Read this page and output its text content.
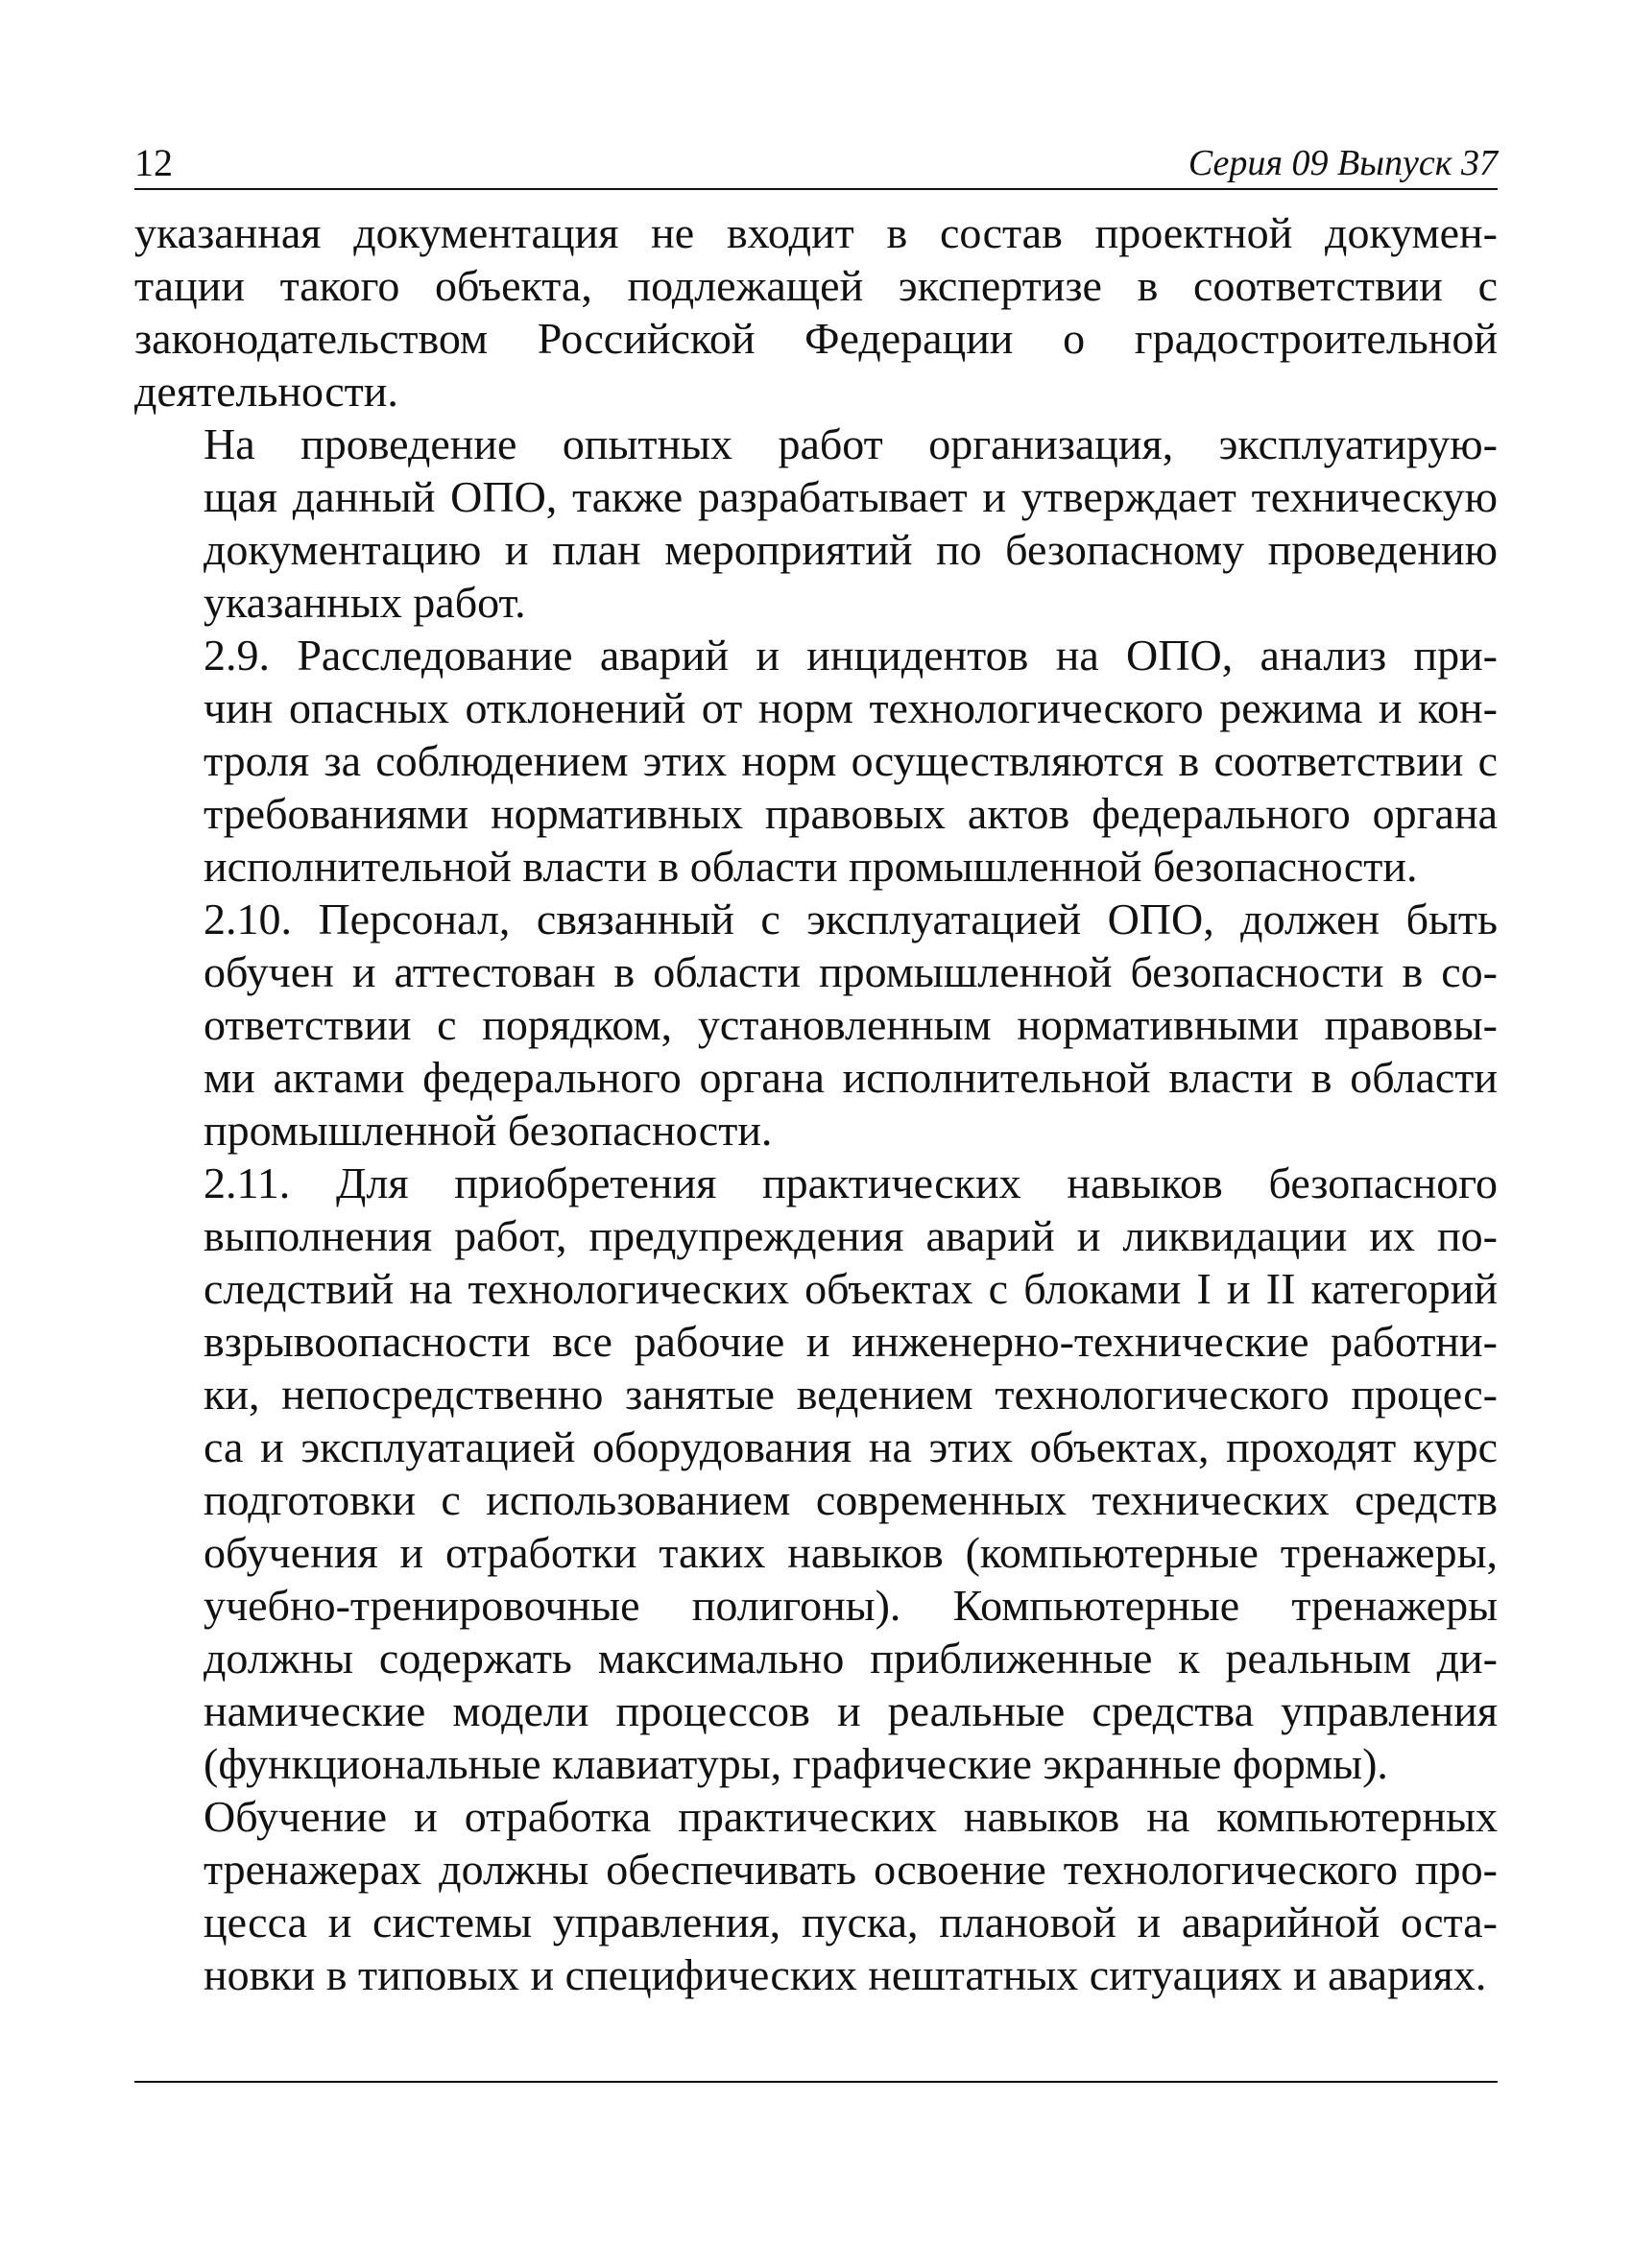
12	Серия 09 Выпуск 37

указанная документация не входит в состав проектной докумен-
тации такого объекта, подлежащей экспертизе в соответствии с
законодательством Российской Федерации о градостроительной
деятельности.

На проведение опытных работ организация, эксплуатирую-
щая данный ОПО, также разрабатывает и утверждает техническую
документацию и план мероприятий по безопасному проведению
указанных работ.

2.9. Расследование аварий и инцидентов на ОПО, анализ при-
чин опасных отклонений от норм технологического режима и кон-
троля за соблюдением этих норм осуществляются в соответствии с
требованиями нормативных правовых актов федерального органа
исполнительной власти в области промышленной безопасности.

2.10. Персонал, связанный с эксплуатацией ОПО, должен быть
обучен и аттестован в области промышленной безопасности в со-
ответствии с порядком, установленным нормативными правовы-
ми актами федерального органа исполнительной власти в области
промышленной безопасности.

2.11. Для приобретения практических навыков безопасного
выполнения работ, предупреждения аварий и ликвидации их по-
следствий на технологических объектах с блоками I и II категорий
взрывоопасности все рабочие и инженерно-технические работни-
ки, непосредственно занятые ведением технологического процес-
са и эксплуатацией оборудования на этих объектах, проходят курс
подготовки с использованием современных технических средств
обучения и отработки таких навыков (компьютерные тренажеры,
учебно-тренировочные полигоны). Компьютерные тренажеры
должны содержать максимально приближенные к реальным ди-
намические модели процессов и реальные средства управления
(функциональные клавиатуры, графические экранные формы).

Обучение и отработка практических навыков на компьютерных
тренажерах должны обеспечивать освоение технологического про-
цесса и системы управления, пуска, плановой и аварийной оста-
новки в типовых и специфических нештатных ситуациях и авариях.
